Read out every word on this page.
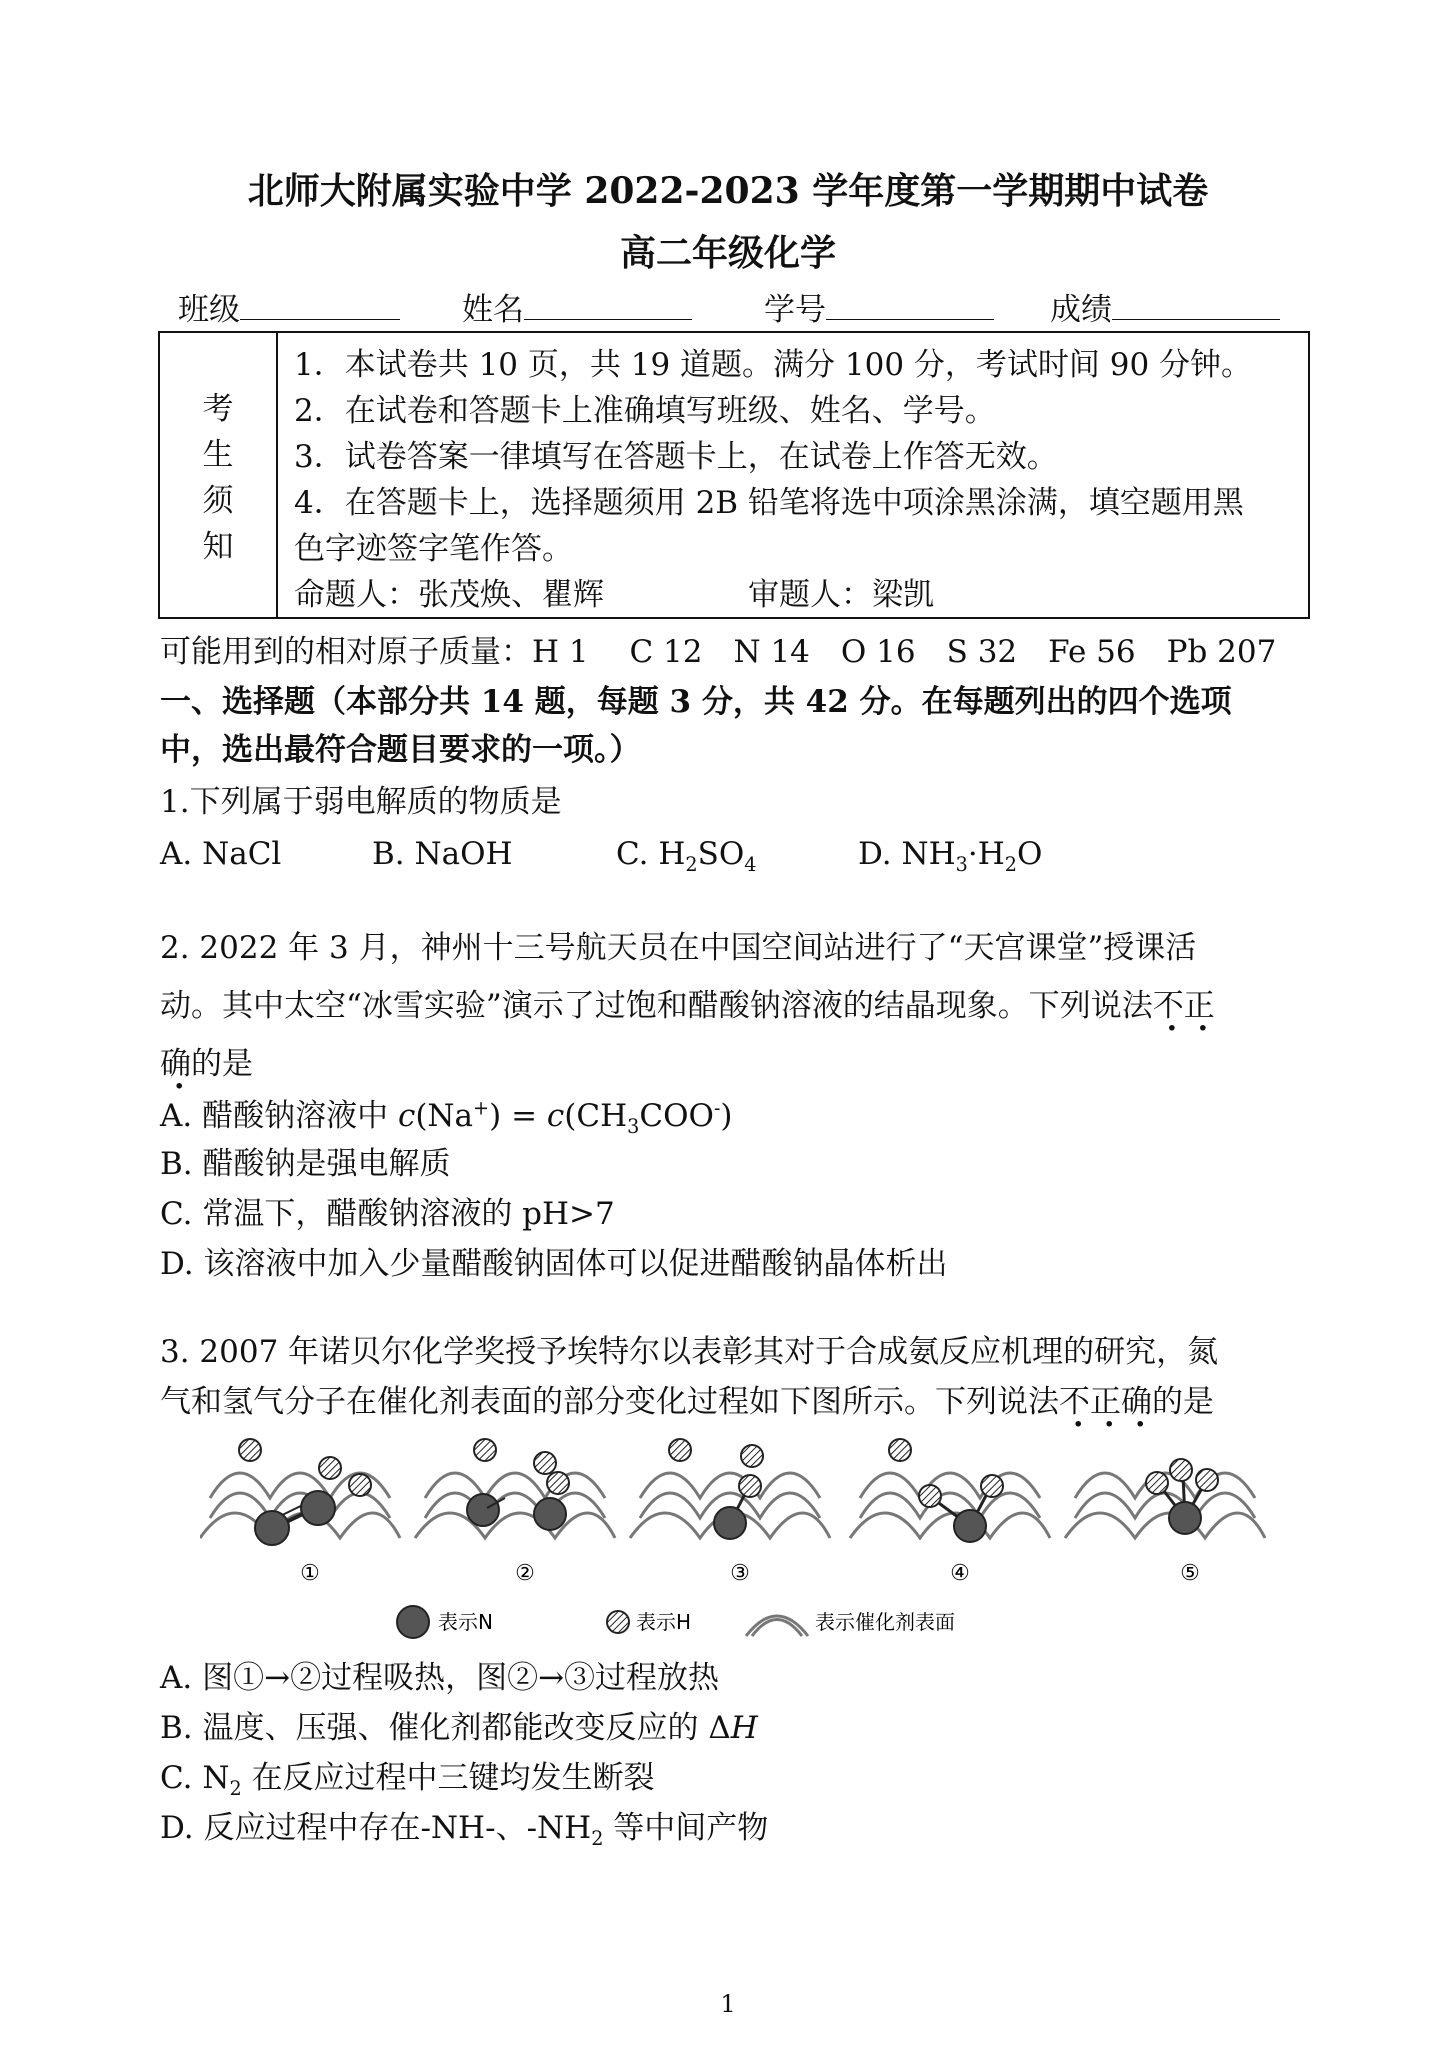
北师大附属实验中学 2022-2023 学年度第一学期期中试卷
高二年级化学
班级	姓名	学号	成绩
考
生
须
知
1．本试卷共 10 页，共 19 道题。满分 100 分，考试时间 90 分钟。
2．在试卷和答题卡上准确填写班级、姓名、学号。
3．试卷答案一律填写在答题卡上，在试卷上作答无效。
4．在答题卡上，选择题须用 2B 铅笔将选中项涂黑涂满，填空题用黑
色字迹签字笔作答。
命题人：张茂焕、瞿辉	审题人：梁凯
可能用到的相对原子质量：H 1　 C 12　N 14　O 16　S 32　Fe 56　Pb 207
一、选择题（本部分共 14 题，每题 3 分，共 42 分。在每题列出的四个选项
中，选出最符合题目要求的一项。）
1.下列属于弱电解质的物质是
A. NaCl	B. NaOH	C. $H_2SO_4$	D. $NH_3\cdot H_2O$
2. 2022 年 3 月，神州十三号航天员在中国空间站进行了“天宫课堂”授课活
动。其中太空“冰雪实验”演示了过饱和醋酸钠溶液的结晶现象。下列说法不正
确的是
A. 醋酸钠溶液中 $c(Na^+) = c(CH_3COO^-)$
B. 醋酸钠是强电解质
C. 常温下，醋酸钠溶液的 pH>7
D. 该溶液中加入少量醋酸钠固体可以促进醋酸钠晶体析出
3. 2007 年诺贝尔化学奖授予埃特尔以表彰其对于合成氨反应机理的研究，氮
气和氢气分子在催化剂表面的部分变化过程如下图所示。下列说法不正确的是
①	②	③	④	⑤
表示N	表示H	表示催化剂表面
A. 图①→②过程吸热，图②→③过程放热
B. 温度、压强、催化剂都能改变反应的 ΔH
C. $N_2$ 在反应过程中三键均发生断裂
D. 反应过程中存在-NH-、$-NH_2$ 等中间产物
1
